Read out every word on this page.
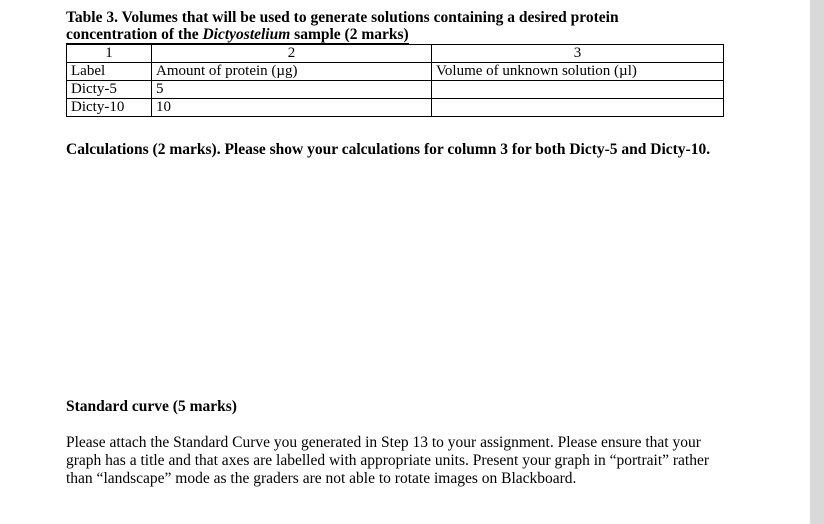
Table 3. Volumes that will be used to generate solutions containing a desired protein
concentration of the Dictyostelium sample (2 marks)
1	2	3
Label	Amount of protein (µg)	Volume of unknown solution (µl)
Dicty-5	5	
Dicty-10	10	
Calculations (2 marks). Please show your calculations for column 3 for both Dicty-5 and Dicty-10.
Standard curve (5 marks)
Please attach the Standard Curve you generated in Step 13 to your assignment. Please ensure that your
graph has a title and that axes are labelled with appropriate units. Present your graph in “portrait” rather
than “landscape” mode as the graders are not able to rotate images on Blackboard.
